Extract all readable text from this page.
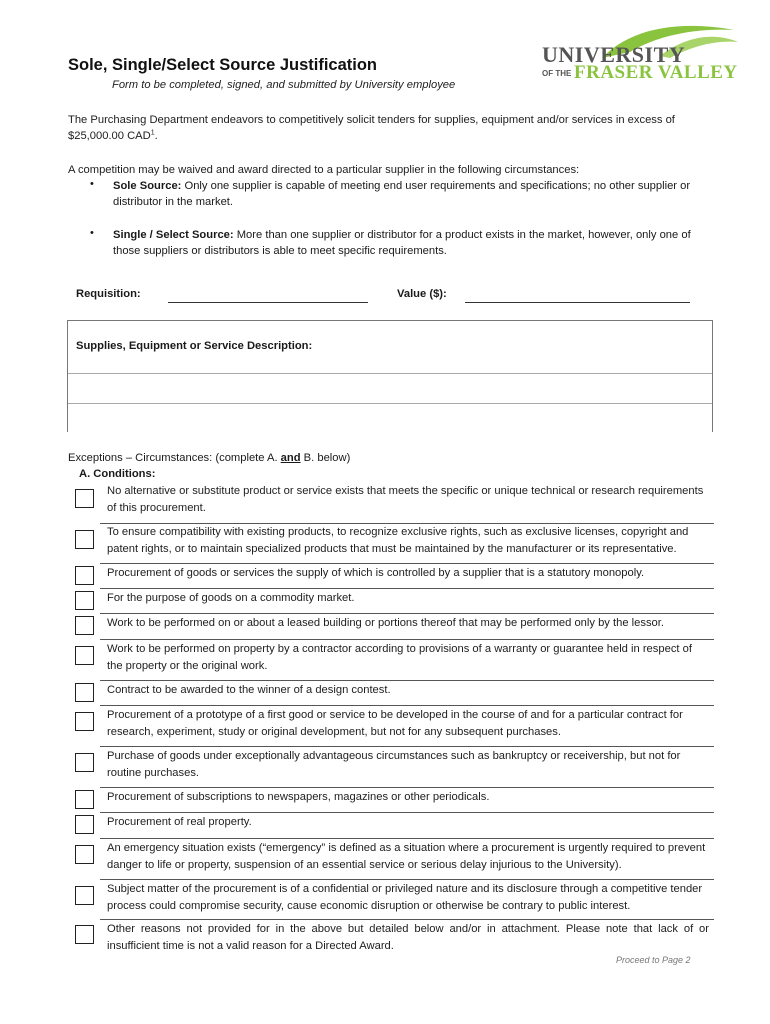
Sole, Single/Select Source Justification
Form to be completed, signed, and submitted by University employee
UNIVERSITY
OF THE FRASER VALLEY
The Purchasing Department endeavors to competitively solicit tenders for supplies, equipment and/or services in excess of $25,000.00 CAD$^1$.
A competition may be waived and award directed to a particular supplier in the following circumstances:
• Sole Source: Only one supplier is capable of meeting end user requirements and specifications; no other supplier or distributor in the market.
• Single / Select Source: More than one supplier or distributor for a product exists in the market, however, only one of those suppliers or distributors is able to meet specific requirements.
Requisition:	Value ($):
Supplies, Equipment or Service Description:
Exceptions – Circumstances: (complete A. and B. below)
A. Conditions:
No alternative or substitute product or service exists that meets the specific or unique technical or research requirements of this procurement.
To ensure compatibility with existing products, to recognize exclusive rights, such as exclusive licenses, copyright and patent rights, or to maintain specialized products that must be maintained by the manufacturer or its representative.
Procurement of goods or services the supply of which is controlled by a supplier that is a statutory monopoly.
For the purpose of goods on a commodity market.
Work to be performed on or about a leased building or portions thereof that may be performed only by the lessor.
Work to be performed on property by a contractor according to provisions of a warranty or guarantee held in respect of the property or the original work.
Contract to be awarded to the winner of a design contest.
Procurement of a prototype of a first good or service to be developed in the course of and for a particular contract for research, experiment, study or original development, but not for any subsequent purchases.
Purchase of goods under exceptionally advantageous circumstances such as bankruptcy or receivership, but not for routine purchases.
Procurement of subscriptions to newspapers, magazines or other periodicals.
Procurement of real property.
An emergency situation exists (“emergency” is defined as a situation where a procurement is urgently required to prevent danger to life or property, suspension of an essential service or serious delay injurious to the University).
Subject matter of the procurement is of a confidential or privileged nature and its disclosure through a competitive tender process could compromise security, cause economic disruption or otherwise be contrary to public interest.
Other reasons not provided for in the above but detailed below and/or in attachment. Please note that lack of or insufficient time is not a valid reason for a Directed Award.
Proceed to Page 2
